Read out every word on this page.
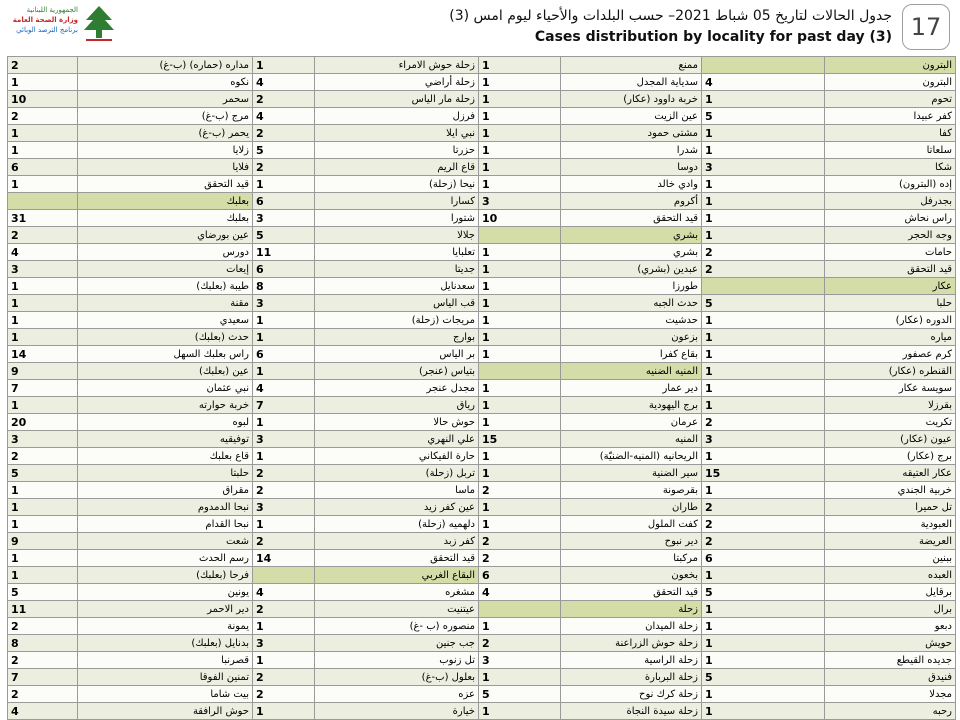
الجمهورية اللبنانية
وزارة الصحة العامة
برنامج الترصد الوبائي
جدول الحالات لتاريخ 05 شباط 2021– حسب البلدات والأحياء ليوم امس (3)
Cases distribution by locality for past day (3) 17
2	مداره (حماره) (ب-غ)	1	زحلة حوش الامراء	1	ممنع		البترون
1	نكوه	4	زحلة أراضي	1	سدياية المجدل	4	البترون
10	سحمر	2	زحلة مار الياس	1	خربة داوود (عكار)	1	تحوم
2	مرج (ب-غ)	4	فرزل	1	عين الزيت	5	كفر عبيدا
1	يحمر (ب-غ)	2	نبي ايلا	1	مشتى حمود	1	كفا
1	زلايا	5	حزرتا	1	شدرا	1	سلعاتا
6	فلايا	2	قاع الريم	1	دوسا	3	شكا
1	قيد التحقق	1	نيحا (زحلة)	1	وادي خالد	1	إده (البترون)
	بعلبك	6	كسارا	3	أكروم	1	بجدرفل
31	بعلبك	3	شتورا	10	قيد التحقق	1	راس نحاش
2	عين بورضاي	5	جلالا		بشري	1	وجه الحجر
4	دورس	11	تعلبايا	1	بشري	2	حامات
3	إيعات	6	جديتا	1	عبدين (بشري)	2	قيد التحقق
1	طيبة (بعلبك)	8	سعدنايل	1	طورزا		عكار
1	مقنة	3	قب الياس	1	حدث الجبه	5	حلبا
1	سعيدي	1	مريجات (زحلة)	1	حدشيت	1	الدوره (عكار)
1	حدث (بعلبك)	1	بوارج	1	بزعون	1	مياره
14	راس بعلبك السهل	6	بر الياس	1	بقاع كفرا	1	كرم عصفور
9	عين (بعلبك)	1	بتياس (عنجر)		المنيه الضنيه	1	القنطره (عكار)
7	نبي عثمان	4	مجدل عنجر	1	دير عمار	1	سويسة عكار
1	خربة حوارته	7	رياق	1	برج اليهودية	1	بقرزلا
20	لبوه	1	حوش حالا	1	عرمان	2	تكريت
3	توفيقيه	3	علي النهري	15	المنيه	3	عيون (عكار)
2	قاع بعلبك	1	حارة الفيكاني	1	الريحانيه (المنيه-الضنيّة)	1	برج (عكار)
5	حلبتا	2	تربل (زحلة)	1	سير الضنية	15	عكار العتيقه
1	مقراق	2	ماسا	2	بقرصونة	1	خربية الجندي
1	نبحا الدمدوم	3	عين كفر زيد	1	طاران	2	تل حميرا
1	نبحا القدام	1	دلهميه (زحلة)	1	كفت الملول	2	العبودية
9	شعت	2	كفر زبد	2	دير نبوح	2	العريضة
1	رسم الحدث	14	قيد التحقق	2	مركبتا	6	ببنين
1	فرحا (بعلبك)		البقاع الغربي	6	بخعون	1	العبده
5	يونين	4	مشغره	4	قيد التحقق	5	برقايل
11	دير الاحمر	2	عيتنيت		زحلة	1	برال
2	يمونة	1	منصوره (ب -غ)	1	زحلة الميدان	1	دبعو
8	بدنايل (بعلبك)	3	جب جنين	2	زحلة حوش الزراعنة	1	حويش
2	قصرنبا	1	تل زنوب	3	زحلة الراسية	1	جديده القيطع
7	تمنين الفوقا	2	بعلول (ب-غ)	1	زحلة البربارة	5	فنيدق
2	بيت شاما	2	عزه	5	زحلة كرك نوح	1	مجدلا
4	حوش الرافقة	1	خيارة	1	زحلة سيدة النجاة	1	رحبه
